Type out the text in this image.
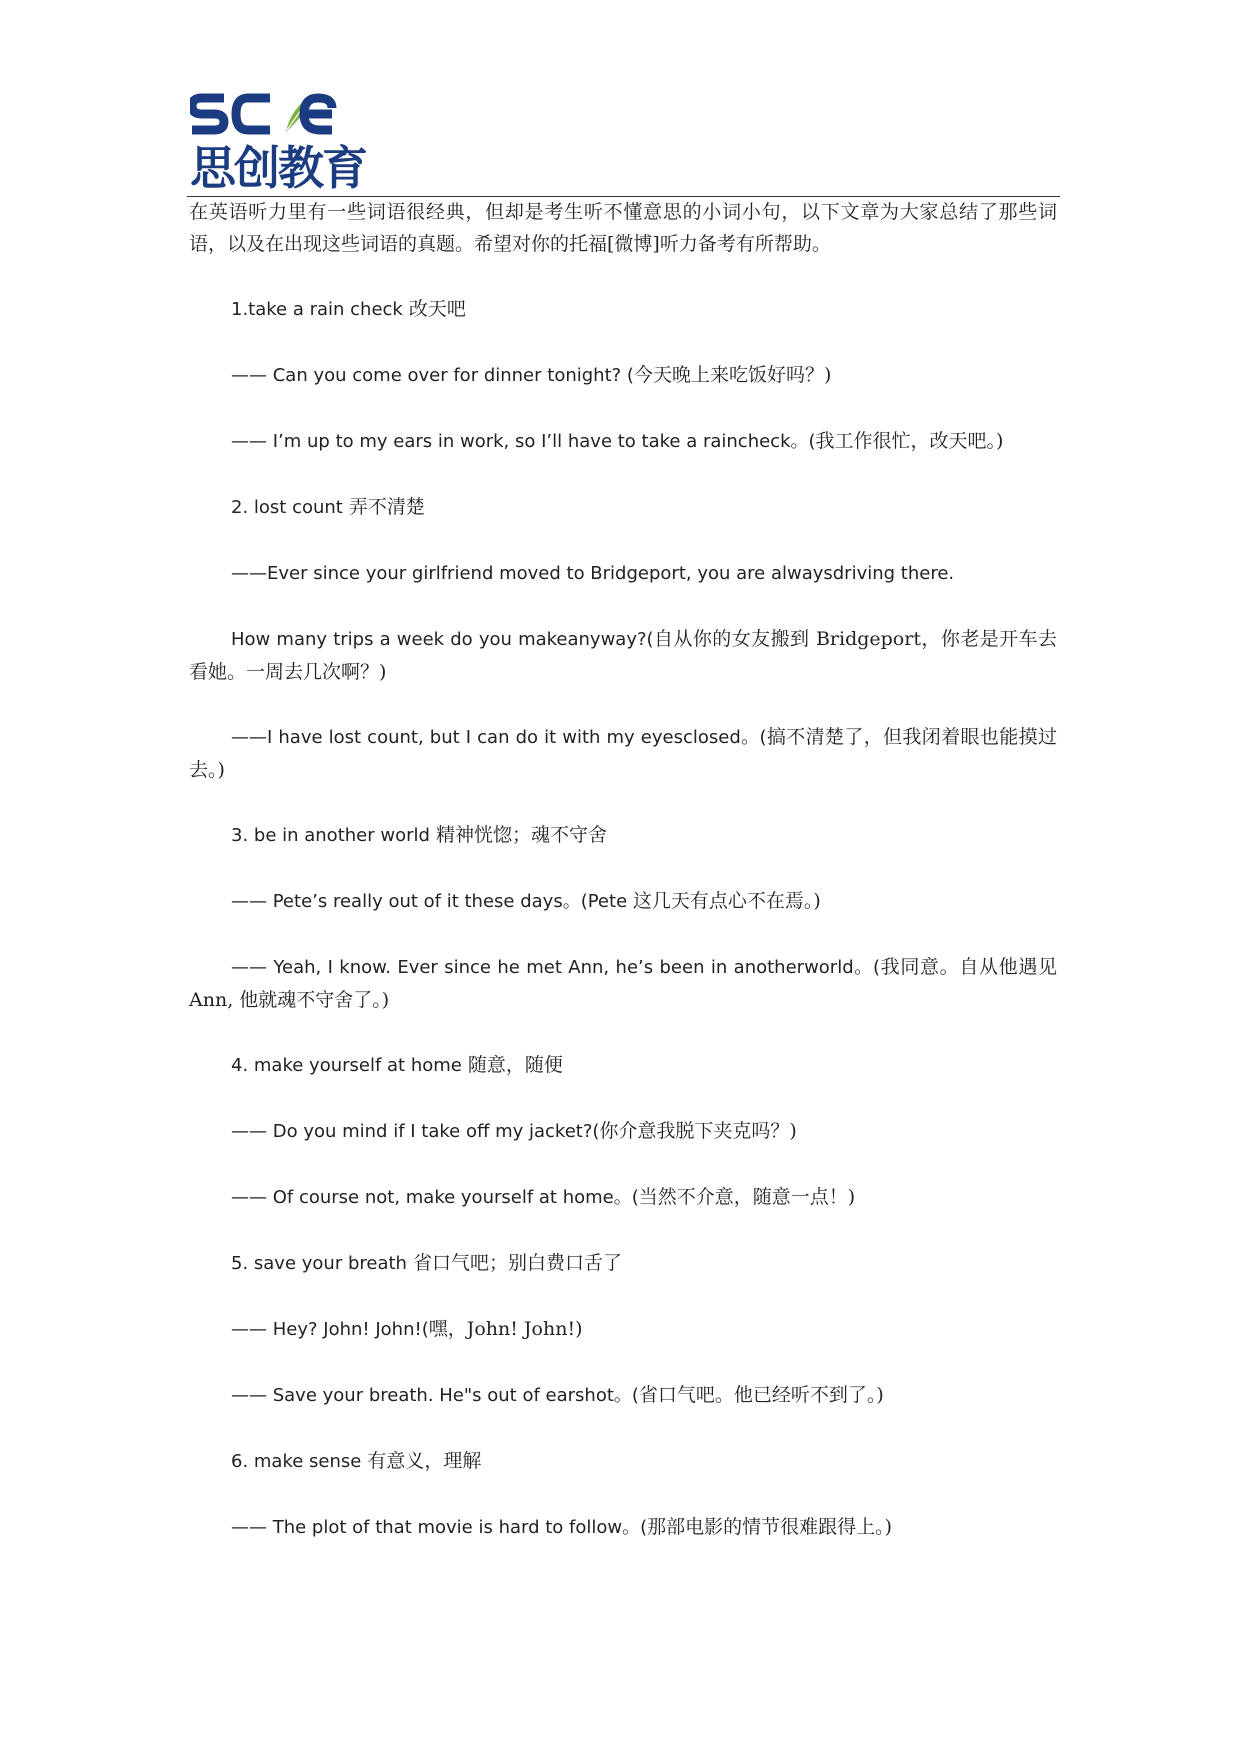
思创教育

在英语听力里有一些词语很经典，但却是考生听不懂意思的小词小句，以下文章为大家总结了那些词语，以及在出现这些词语的真题。希望对你的托福[微博]听力备考有所帮助。

1.take a rain check 改天吧

—— Can you come over for dinner tonight? (今天晚上来吃饭好吗？)

—— I’m up to my ears in work, so I’ll have to take a raincheck。(我工作很忙，改天吧。)

2. lost count 弄不清楚

——Ever since your girlfriend moved to Bridgeport, you are alwaysdriving there.

How many trips a week do you makeanyway?(自从你的女友搬到 Bridgeport，你老是开车去看她。一周去几次啊？)

——I have lost count, but I can do it with my eyesclosed。(搞不清楚了，但我闭着眼也能摸过去。)

3. be in another world 精神恍惚；魂不守舍

—— Pete’s really out of it these days。(Pete 这几天有点心不在焉。)

—— Yeah, I know. Ever since he met Ann, he’s been in anotherworld。(我同意。自从他遇见 Ann, 他就魂不守舍了。)

4. make yourself at home 随意，随便

—— Do you mind if I take off my jacket?(你介意我脱下夹克吗？)

—— Of course not, make yourself at home。(当然不介意，随意一点！)

5. save your breath 省口气吧；别白费口舌了

—— Hey? John! John!(嘿，John! John!)

—— Save your breath. He"s out of earshot。(省口气吧。他已经听不到了。)

6. make sense 有意义，理解

—— The plot of that movie is hard to follow。(那部电影的情节很难跟得上。)
